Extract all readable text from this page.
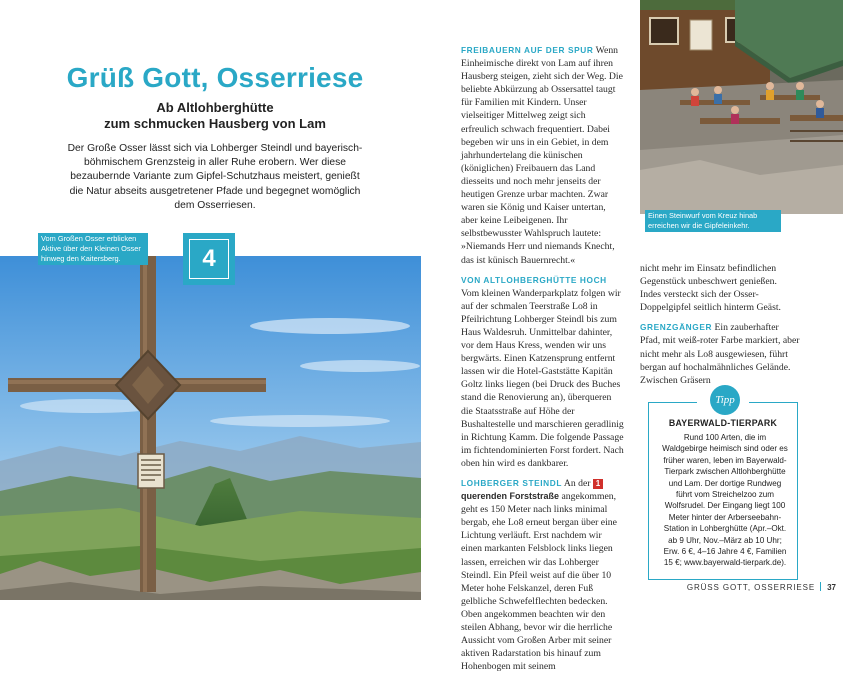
Grüß Gott, Osserriese
Ab Altlohberghütte
zum schmucken Hausberg von Lam

Der Große Osser lässt sich via Lohberger Steindl und bayerisch-böhmischem Grenzsteig in aller Ruhe erobern. Wer diese bezaubernde Variante zum Gipfel-Schutzhaus meistert, genießt die Natur abseits ausgetretener Pfade und begegnet womöglich dem Osserriesen.

Vom Großen Osser erblicken Aktive über den Kleinen Osser hinweg den Kaitersberg.	4

FREIBAUERN AUF DER SPUR Wenn Einheimische direkt von Lam auf ihren Hausberg steigen, zieht sich der Weg. Die beliebte Abkürzung ab Ossersattel taugt für Familien mit Kindern. Unser vielseitiger Mittelweg zeigt sich erfreulich schwach frequentiert. Dabei begeben wir uns in ein Gebiet, in dem jahrhundertelang die künischen (königlichen) Freibauern das Land diesseits und noch mehr jenseits der heutigen Grenze urbar machten. Zwar waren sie König und Kaiser untertan, aber keine Leibeigenen. Ihr selbstbewusster Wahlspruch lautete: »Niemands Herr und niemands Knecht, das ist künisch Bauernrecht.«

VON ALTLOHBERGHÜTTE HOCH Vom kleinen Wanderparkplatz folgen wir auf der schmalen Teerstraße Lo8 in Pfeilrichtung Lohberger Steindl bis zum Haus Waldesruh. Unmittelbar dahinter, vor dem Haus Kress, wenden wir uns bergwärts. Einen Katzensprung entfernt lassen wir die Hotel-Gaststätte Kapitän Goltz links liegen (bei Druck des Buches stand die Renovierung an), überqueren die Staatsstraße auf Höhe der Bushaltestelle und marschieren geradlinig in Richtung Kamm. Die folgende Passage im fichtendominierten Forst fordert. Nach oben hin wird es dankbarer.

LOHBERGER STEINDL An der 1 querenden Forststraße angekommen, geht es 150 Meter nach links minimal bergab, ehe Lo8 erneut bergan über eine Lichtung verläuft. Erst nachdem wir einen markanten Felsblock links liegen lassen, erreichen wir das Lohberger Steindl. Ein Pfeil weist auf die über 10 Meter hohe Felskanzel, deren Fuß gelbliche Schwefelflechten bedecken. Oben angekommen beachten wir den steilen Abhang, bevor wir die herrliche Aussicht vom Großen Arber mit seiner aktiven Radarstation bis hinauf zum Hohenbogen mit seinem

Einen Steinwurf vom Kreuz hinab erreichen wir die Gipfeleinkehr.

nicht mehr im Einsatz befindlichen Gegenstück unbeschwert genießen. Indes versteckt sich der Osser-Doppelgipfel seitlich hinterm Geäst.

GRENZGÄNGER Ein zauberhafter Pfad, mit weiß-roter Farbe markiert, aber nicht mehr als Lo8 ausgewiesen, führt bergan auf hochalmähnliches Gelände. Zwischen Gräsern

Tipp
BAYERWALD-TIERPARK

Rund 100 Arten, die im Waldgebirge heimisch sind oder es früher waren, leben im Bayerwald-Tierpark zwischen Altlohberghütte und Lam. Der dortige Rundweg führt vom Streichelzoo zum Wolfsrudel. Der Eingang liegt 100 Meter hinter der Arberseebahn-Station in Lohberghütte (Apr.–Okt. ab 9 Uhr, Nov.–März ab 10 Uhr; Erw. 6 €, 4–16 Jahre 4 €, Familien 15 €; www.bayerwald-tierpark.de).

GRÜSS GOTT, OSSERRIESE 37
